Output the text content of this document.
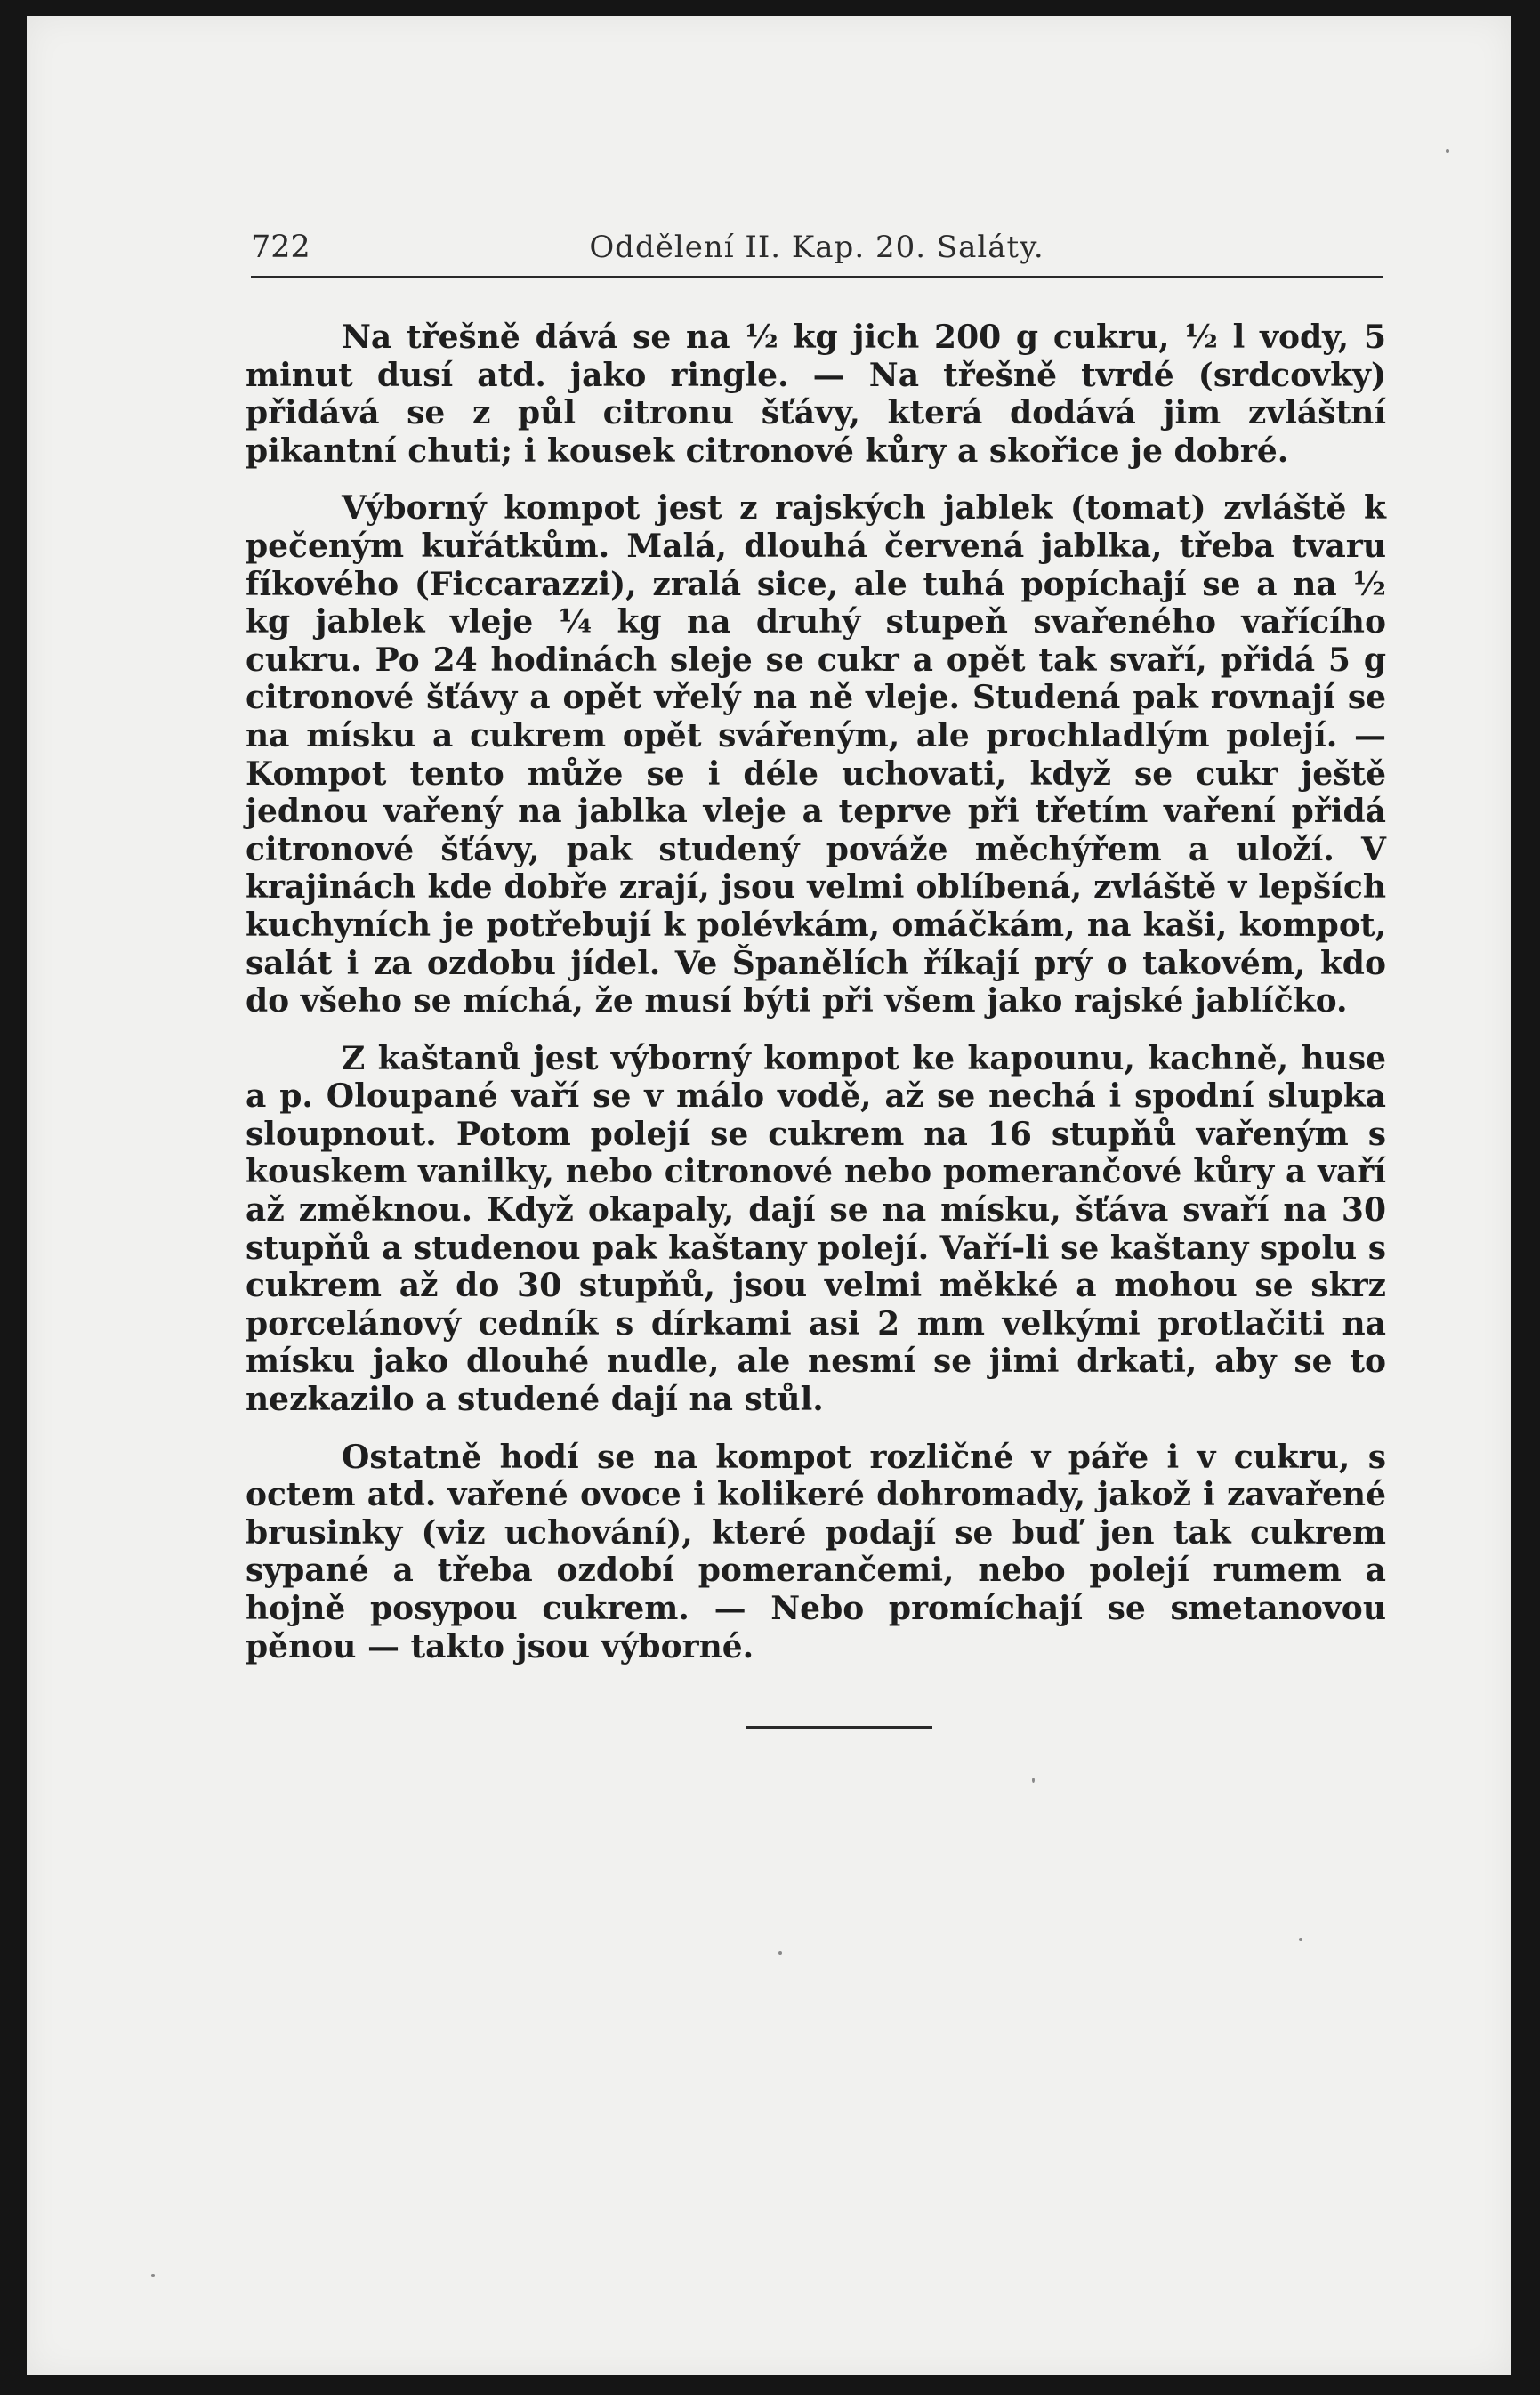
722	Oddělení II. Kap. 20. Saláty.

Na třešně dává se na ½ kg jich 200 g cukru, ½ l vody, 5 minut dusí atd. jako ringle. — Na třešně tvrdé (srdcovky) přidává se z půl citronu šťávy, která dodává jim zvláštní pikantní chuti; i kousek citronové kůry a skořice je dobré.

Výborný kompot jest z rajských jablek (tomat) zvláště k pečeným kuřátkům. Malá, dlouhá červená jablka, třeba tvaru fíkového (Ficcarazzi), zralá sice, ale tuhá popíchají se a na ½ kg jablek vleje ¼ kg na druhý stupeň svařeného vařícího cukru. Po 24 hodinách sleje se cukr a opět tak svaří, přidá 5 g citronové šťávy a opět vřelý na ně vleje. Studená pak rovnají se na mísku a cukrem opět svářeným, ale prochladlým polejí. — Kompot tento může se i déle uchovati, když se cukr ještě jednou vařený na jablka vleje a teprve při třetím vaření přidá citronové šťávy, pak studený pováže měchýřem a uloží. V krajinách kde dobře zrají, jsou velmi oblíbená, zvláště v lepších kuchyních je potřebují k polévkám, omáčkám, na kaši, kompot, salát i za ozdobu jídel. Ve Španělích říkají prý o takovém, kdo do všeho se míchá, že musí býti při všem jako rajské jablíčko.

Z kaštanů jest výborný kompot ke kapounu, kachně, huse a p. Oloupané vaří se v málo vodě, až se nechá i spodní slupka sloupnout. Potom polejí se cukrem na 16 stupňů vařeným s kouskem vanilky, nebo citronové nebo pomerančové kůry a vaří až změknou. Když okapaly, dají se na mísku, šťáva svaří na 30 stupňů a studenou pak kaštany polejí. Vaří-li se kaštany spolu s cukrem až do 30 stupňů, jsou velmi měkké a mohou se skrz porcelánový cedník s dírkami asi 2 mm velkými protlačiti na mísku jako dlouhé nudle, ale nesmí se jimi drkati, aby se to nezkazilo a studené dají na stůl.

Ostatně hodí se na kompot rozličné v páře i v cukru, s octem atd. vařené ovoce i kolikeré dohromady, jakož i zavařené brusinky (viz uchování), které podají se buď jen tak cukrem sypané a třeba ozdobí pomerančemi, nebo polejí rumem a hojně posypou cukrem. — Nebo promíchají se smetanovou pěnou — takto jsou výborné.
